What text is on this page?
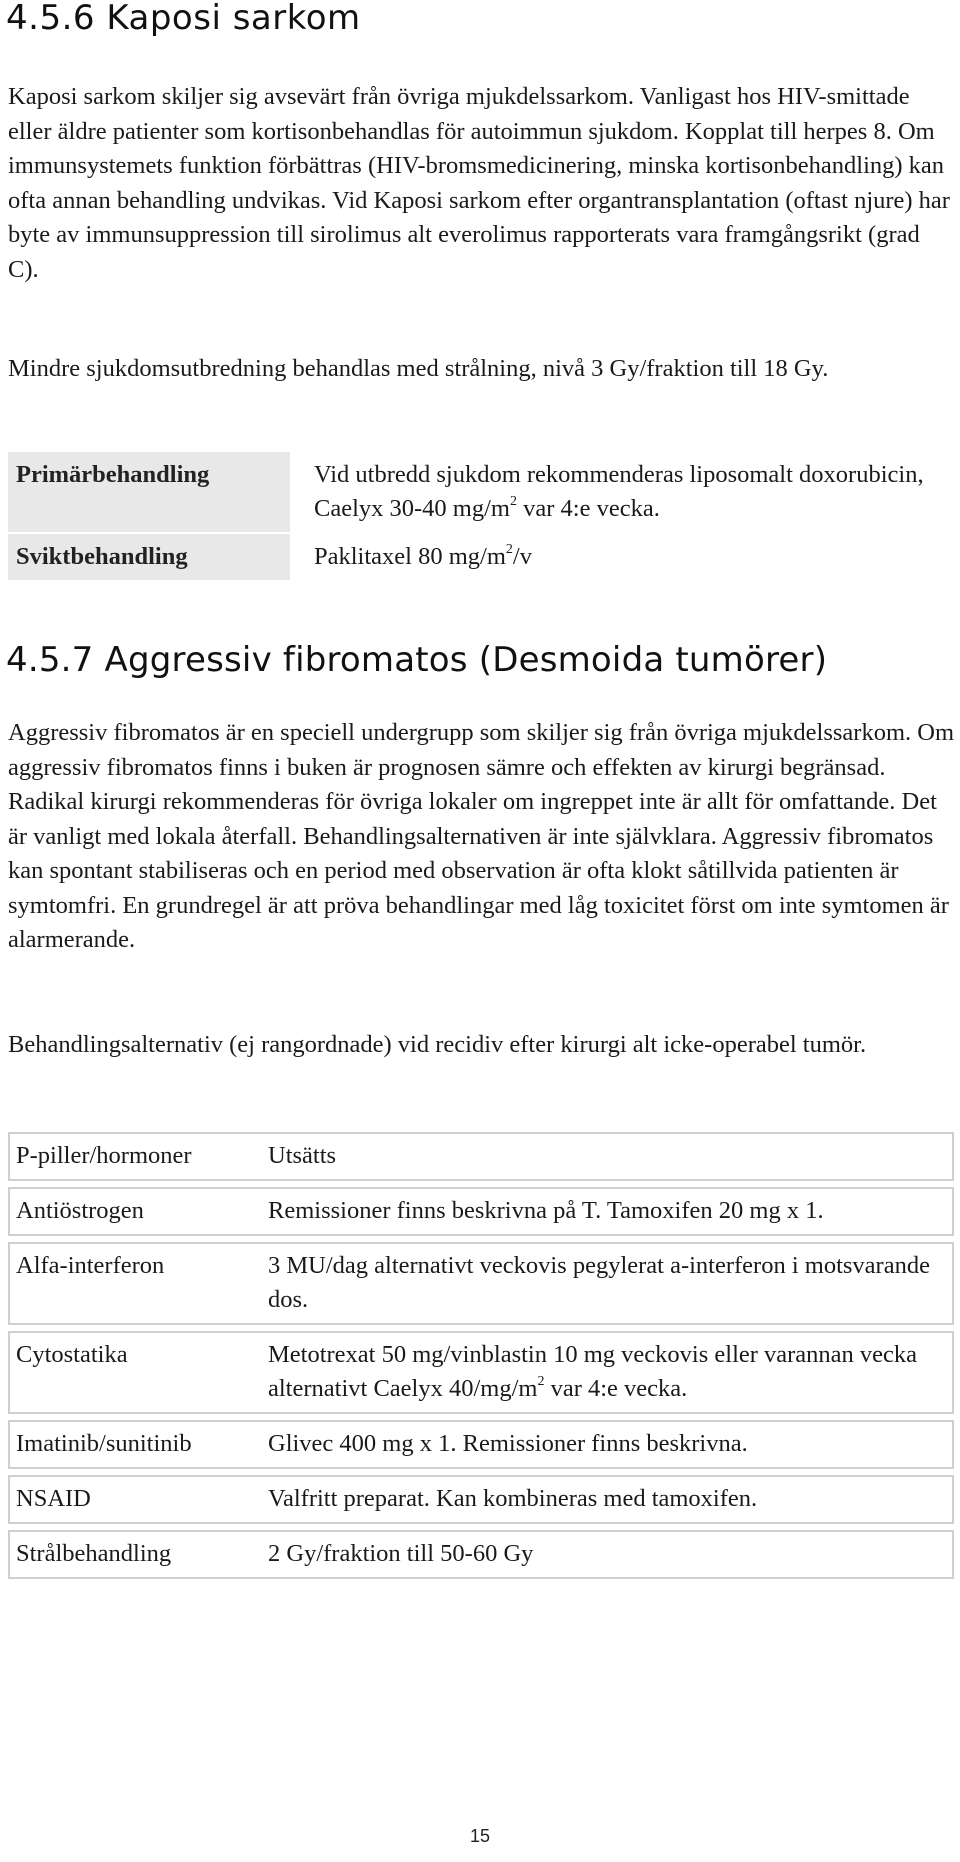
4.5.6 Kaposi sarkom

Kaposi sarkom skiljer sig avsevärt från övriga mjukdelssarkom. Vanligast hos HIV-smittade eller äldre patienter som kortisonbehandlas för autoimmun sjukdom. Kopplat till herpes 8. Om immunsystemets funktion förbättras (HIV-bromsmedicinering, minska kortisonbehandling) kan ofta annan behandling undvikas. Vid Kaposi sarkom efter organtransplantation (oftast njure) har byte av immunsuppression till sirolimus alt everolimus rapporterats vara framgångsrikt (grad C).

Mindre sjukdomsutbredning behandlas med strålning, nivå 3 Gy/fraktion till 18 Gy.

Primärbehandling		Vid utbredd sjukdom rekommenderas liposomalt doxorubicin, Caelyx 30-40 $mg/m^2$ var 4:e vecka.
Sviktbehandling		Paklitaxel 80 $mg/m^2/v$
4.5.7 Aggressiv fibromatos (Desmoida tumörer)

Aggressiv fibromatos är en speciell undergrupp som skiljer sig från övriga mjukdelssarkom. Om aggressiv fibromatos finns i buken är prognosen sämre och effekten av kirurgi begränsad. Radikal kirurgi rekommenderas för övriga lokaler om ingreppet inte är allt för omfattande. Det är vanligt med lokala återfall. Behandlingsalternativen är inte självklara. Aggressiv fibromatos kan spontant stabiliseras och en period med observation är ofta klokt såtillvida patienten är symtomfri. En grundregel är att pröva behandlingar med låg toxicitet först om inte symtomen är alarmerande.

Behandlingsalternativ (ej rangordnade) vid recidiv efter kirurgi alt icke-operabel tumör.

P-piller/hormoner	Utsätts

Antiöstrogen	Remissioner finns beskrivna på T. Tamoxifen 20 mg x 1.

Alfa-interferon	3 MU/dag alternativt veckovis pegylerat a-interferon i motsvarande dos.

Cytostatika	Metotrexat 50 mg/vinblastin 10 mg veckovis eller varannan vecka alternativt Caelyx $40/mg/m^2$ var 4:e vecka.

Imatinib/sunitinib	Glivec 400 mg x 1. Remissioner finns beskrivna.

NSAID	Valfritt preparat. Kan kombineras med tamoxifen.

Strålbehandling	2 Gy/fraktion till 50-60 Gy
15
